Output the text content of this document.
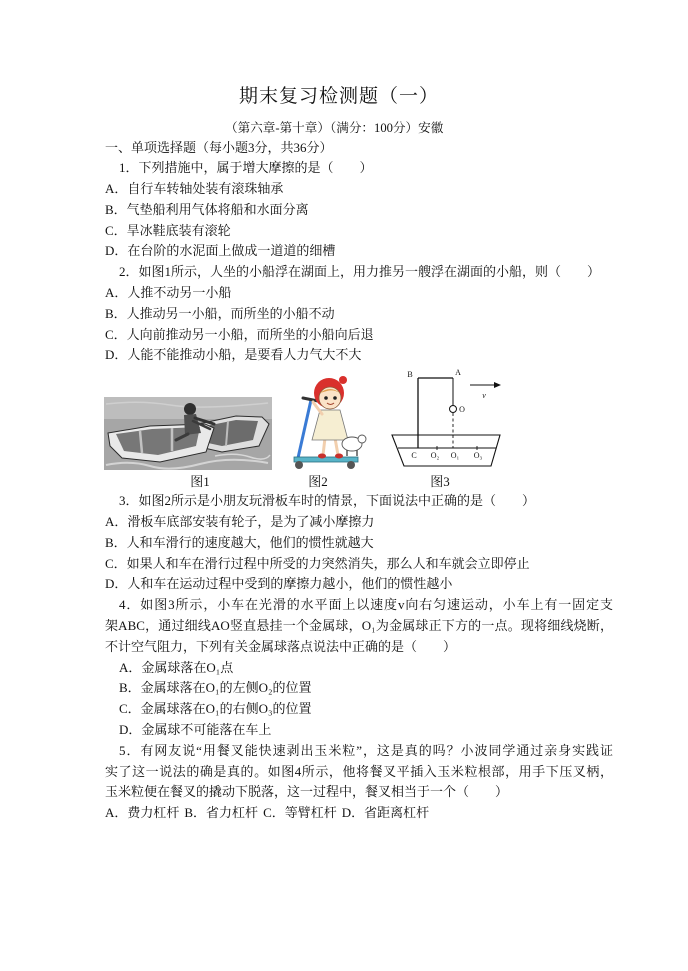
期末复习检测题（一）
（第六章-第十章）（满分：100分）安徽
一、单项选择题（每小题3分，共36分）
1．下列措施中，属于增大摩擦的是（　　）
A．自行车转轴处装有滚珠轴承
B．气垫船利用气体将船和水面分离
C．旱冰鞋底装有滚轮
D．在台阶的水泥面上做成一道道的细槽
2．如图1所示，人坐的小船浮在湖面上，用力推另一艘浮在湖面的小船，则（　　）
A．人推不动另一小船
B．人推动另一小船，而所坐的小船不动
C．人向前推动另一小船，而所坐的小船向后退
D．人能不能推动小船，是要看人力气大不大
3．如图2所示是小朋友玩滑板车时的情景，下面说法中正确的是（　　）
A．滑板车底部安装有轮子，是为了减小摩擦力
B．人和车滑行的速度越大，他们的惯性就越大
C．如果人和车在滑行过程中所受的力突然消失，那么人和车就会立即停止
D．人和车在运动过程中受到的摩擦力越小，他们的惯性越小
4．如图3所示，小车在光滑的水平面上以速度v向右匀速运动，小车上有一固定支
架ABC，通过细线AO竖直悬挂一个金属球，O₁为金属球正下方的一点。现将细线烧断，
不计空气阻力，下列有关金属球落点说法中正确的是（　　）
A．金属球落在O₁点
B．金属球落在O₁的左侧O₂的位置
C．金属球落在O₁的右侧O₃的位置
D．金属球不可能落在车上
5．有网友说“用餐叉能快速剥出玉米粒”，这是真的吗？小波同学通过亲身实践证
实了这一说法的确是真的。如图4所示，他将餐叉平插入玉米粒根部，用手下压叉柄，
玉米粒便在餐叉的撬动下脱落，这一过程中，餐叉相当于一个（　　）
A．费力杠杆 B．省力杠杆 C．等臂杠杆 D．省距离杠杆
图1	图2
B	A
O
v
C O₂ O₁ O₃
图3
